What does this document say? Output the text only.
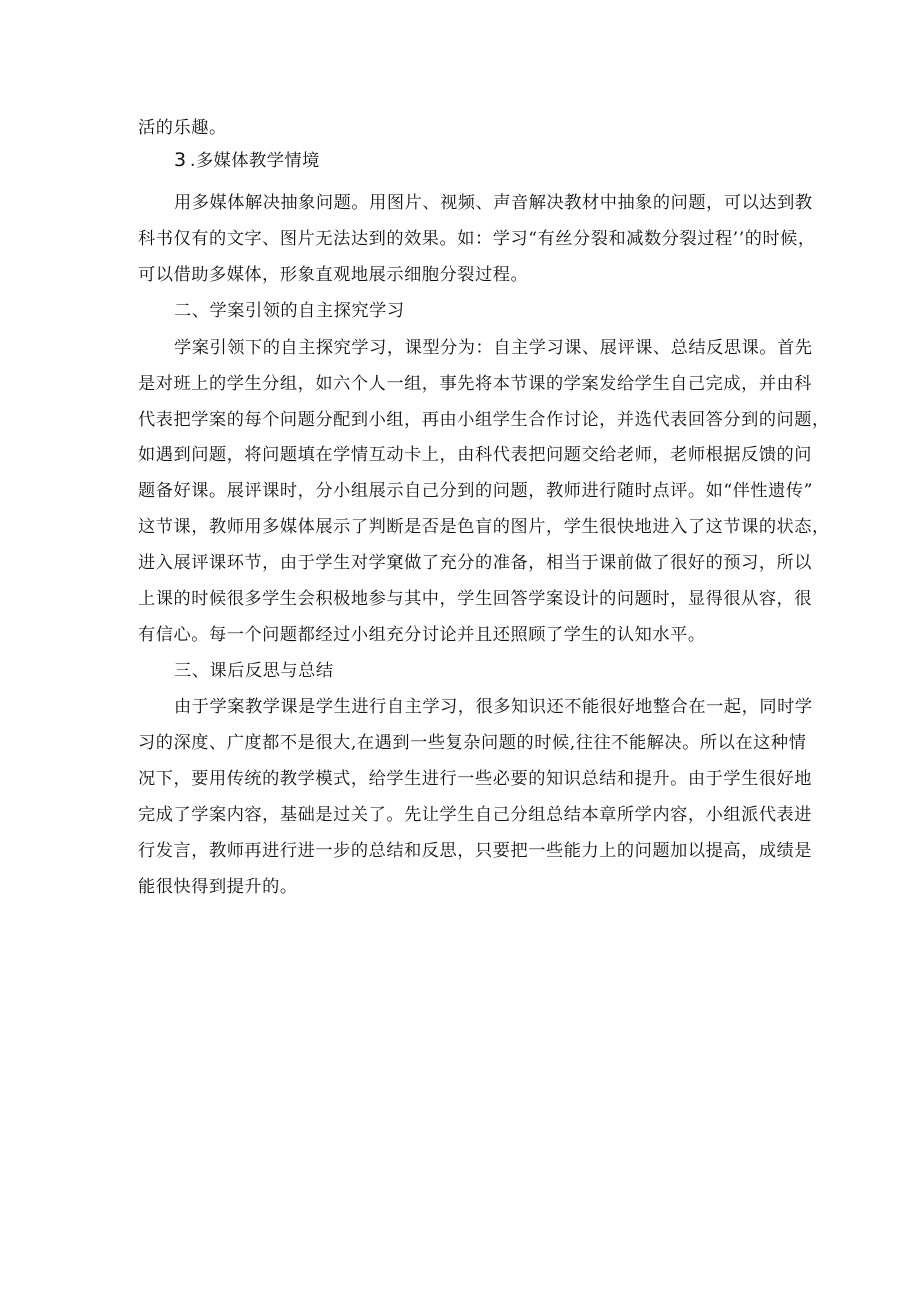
活的乐趣。
3 .多媒体教学情境
用多媒体解决抽象问题。用图片、视频、声音解决教材中抽象的问题，可以达到教
科书仅有的文字、图片无法达到的效果。如：学习“有丝分裂和减数分裂过程’’的时候，
可以借助多媒体，形象直观地展示细胞分裂过程。
二、学案引领的自主探究学习
学案引领下的自主探究学习，课型分为：自主学习课、展评课、总结反思课。首先
是对班上的学生分组，如六个人一组，事先将本节课的学案发给学生自己完成，并由科
代表把学案的每个问题分配到小组，再由小组学生合作讨论，并选代表回答分到的问题，
如遇到问题，将问题填在学情互动卡上，由科代表把问题交给老师，老师根据反馈的问
题备好课。展评课时，分小组展示自己分到的问题，教师进行随时点评。如“伴性遗传”
这节课，教师用多媒体展示了判断是否是色盲的图片，学生很快地进入了这节课的状态，
进入展评课环节，由于学生对学窠做了充分的准备，相当于课前做了很好的预习，所以
上课的时候很多学生会积极地参与其中，学生回答学案设计的问题时，显得很从容，很
有信心。每一个问题都经过小组充分讨论并且还照顾了学生的认知水平。
三、课后反思与总结
由于学案教学课是学生进行自主学习，很多知识还不能很好地整合在一起，同时学
习的深度、广度都不是很大,在遇到一些复杂问题的时候,往往不能解决。所以在这种情
况下，要用传统的教学模式，给学生进行一些必要的知识总结和提升。由于学生很好地
完成了学案内容，基础是过关了。先让学生自己分组总结本章所学内容，小组派代表进
行发言，教师再进行进一步的总结和反思，只要把一些能力上的问题加以提高，成绩是
能很快得到提升的。
